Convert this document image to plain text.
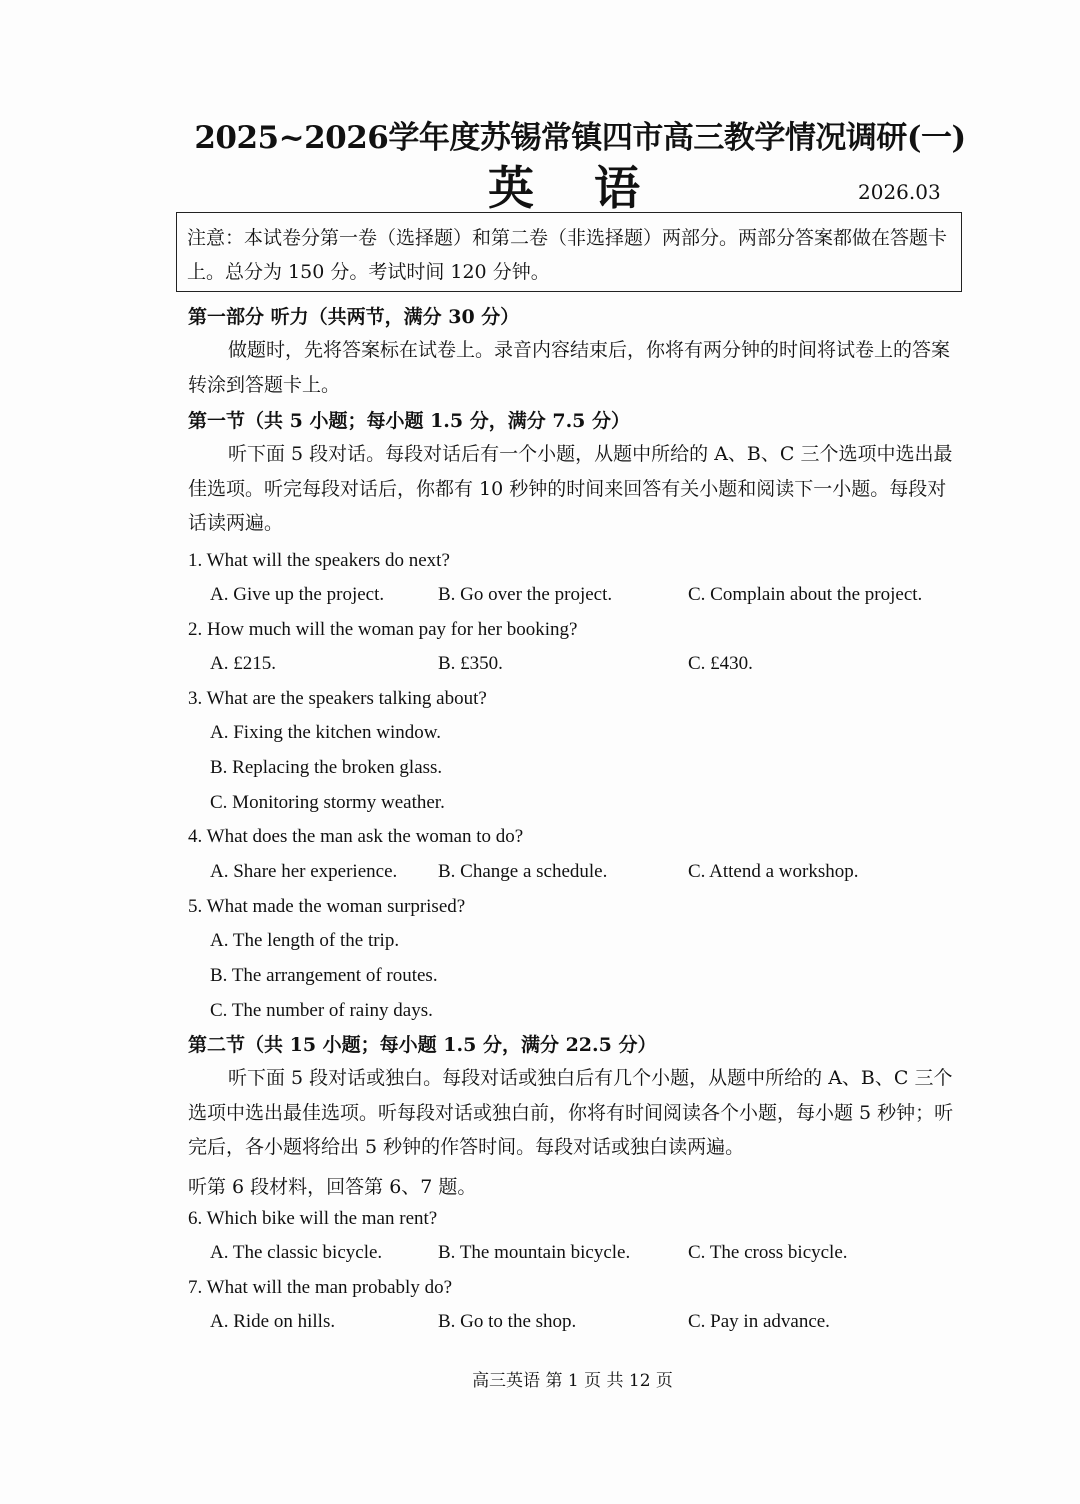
2025~2026学年度苏锡常镇四市高三教学情况调研(一)
英语	2026.03
注意：本试卷分第一卷（选择题）和第二卷（非选择题）两部分。两部分答案都做在答题卡上。总分为 150 分。考试时间 120 分钟。
第一部分 听力（共两节，满分 30 分）
做题时，先将答案标在试卷上。录音内容结束后，你将有两分钟的时间将试卷上的答案转涂到答题卡上。
第一节（共 5 小题；每小题 1.5 分，满分 7.5 分）
听下面 5 段对话。每段对话后有一个小题，从题中所给的 A、B、C 三个选项中选出最佳选项。听完每段对话后，你都有 10 秒钟的时间来回答有关小题和阅读下一小题。每段对话读两遍。
1. What will the speakers do next?
A. Give up the project.	B. Go over the project.	C. Complain about the project.
2. How much will the woman pay for her booking?
A. £215.	B. £350.	C. £430.
3. What are the speakers talking about?
A. Fixing the kitchen window.
B. Replacing the broken glass.
C. Monitoring stormy weather.
4. What does the man ask the woman to do?
A. Share her experience. B. Change a schedule.	C. Attend a workshop.
5. What made the woman surprised?
A. The length of the trip.
B. The arrangement of routes.
C. The number of rainy days.
第二节（共 15 小题；每小题 1.5 分，满分 22.5 分）
听下面 5 段对话或独白。每段对话或独白后有几个小题，从题中所给的 A、B、C 三个选项中选出最佳选项。听每段对话或独白前，你将有时间阅读各个小题，每小题 5 秒钟；听完后，各小题将给出 5 秒钟的作答时间。每段对话或独白读两遍。
听第 6 段材料，回答第 6、7 题。
6. Which bike will the man rent?
A. The classic bicycle.	B. The mountain bicycle.	C. The cross bicycle.
7. What will the man probably do?
A. Ride on hills.	B. Go to the shop.	C. Pay in advance.
高三英语 第 1 页 共 12 页
